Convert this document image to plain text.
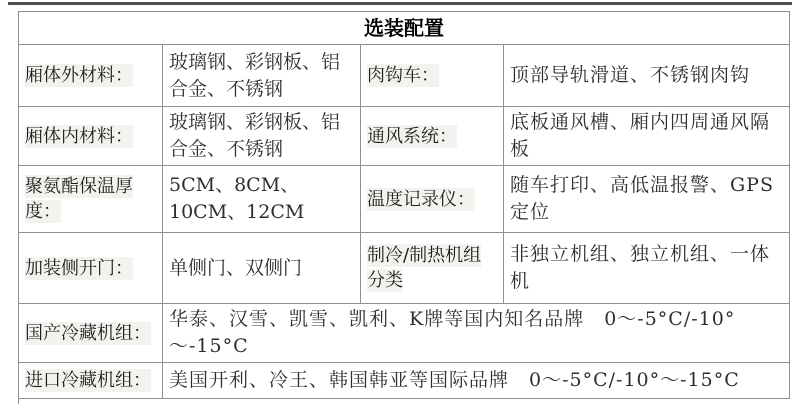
选装配置			
厢体外材料：	玻璃钢、彩钢板、铝合金、不锈钢	肉钩车：	顶部导轨滑道、不锈钢肉钩
厢体内材料：	玻璃钢、彩钢板、铝合金、不锈钢	通风系统：	底板通风槽、厢内四周通风隔板
聚氨酯保温厚度：	5CM、8CM、10CM、12CM	温度记录仪：	随车打印、高低温报警、GPS定位
加装侧开门：	单侧门、双侧门	制冷/制热机组分类	非独立机组、独立机组、一体机
国产冷藏机组：	华泰、汉雪、凯雪、凯利、K牌等国内知名品牌　0～-5°C/-10°～-15°C		
进口冷藏机组：	美国开利、冷王、韩国韩亚等国际品牌　0～-5°C/-10°～-15°C		
